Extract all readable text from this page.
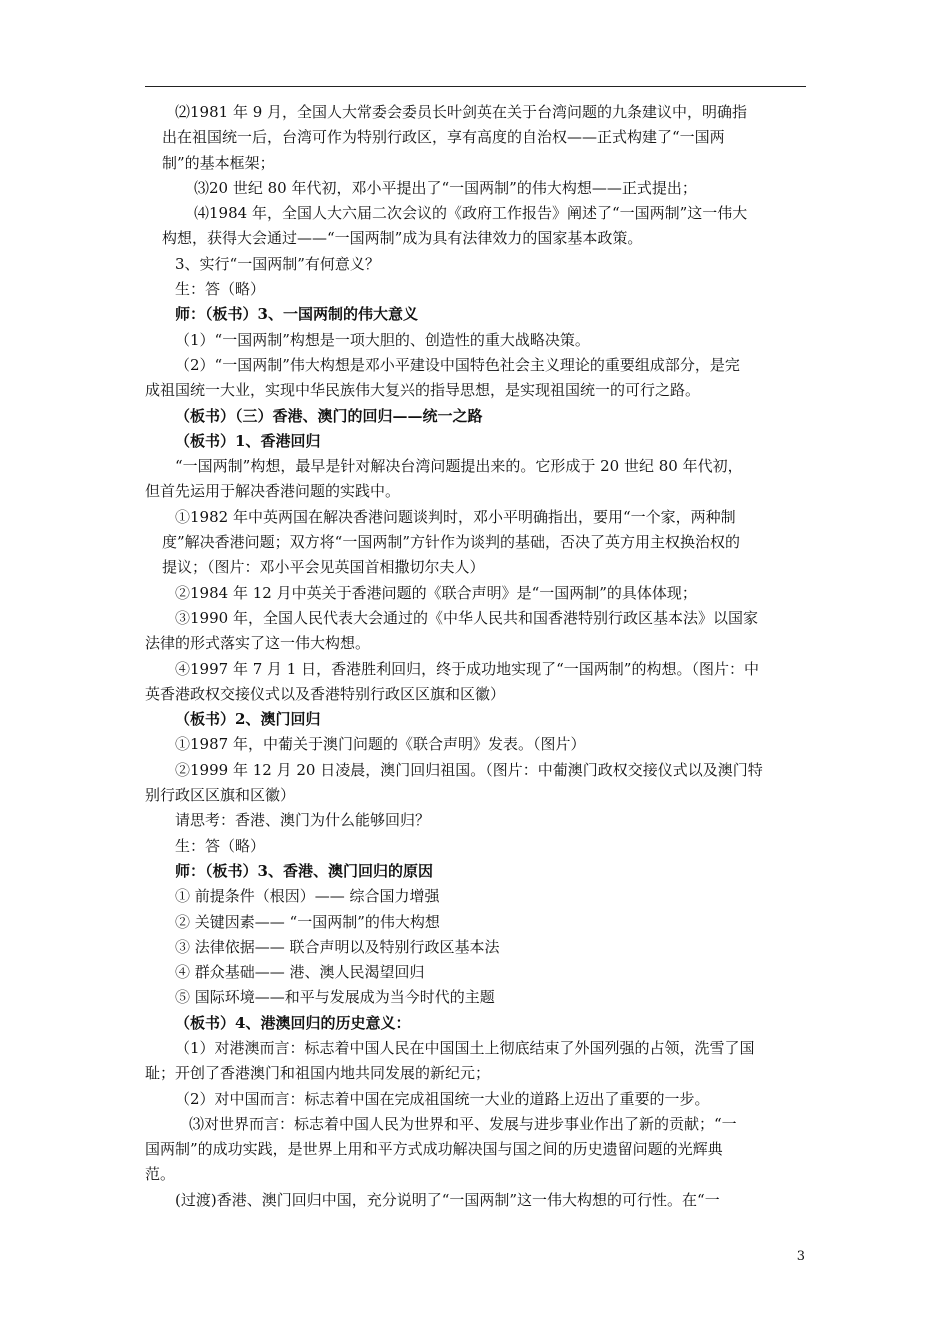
⑵1981 年 9 月，全国人大常委会委员长叶剑英在关于台湾问题的九条建议中，明确指
出在祖国统一后，台湾可作为特别行政区，享有高度的自治权——正式构建了“一国两
制”的基本框架；
⑶20 世纪 80 年代初，邓小平提出了“一国两制”的伟大构想——正式提出；
⑷1984 年，全国人大六届二次会议的《政府工作报告》阐述了“一国两制”这一伟大
构想，获得大会通过——“一国两制”成为具有法律效力的国家基本政策。
3、实行“一国两制”有何意义？
生：答（略）
师：（板书）3、一国两制的伟大意义
（1）“一国两制”构想是一项大胆的、创造性的重大战略决策。
（2）“一国两制”伟大构想是邓小平建设中国特色社会主义理论的重要组成部分，是完
成祖国统一大业，实现中华民族伟大复兴的指导思想，是实现祖国统一的可行之路。
（板书）（三）香港、澳门的回归——统一之路
（板书）1、香港回归
“一国两制”构想，最早是针对解决台湾问题提出来的。它形成于 20 世纪 80 年代初，
但首先运用于解决香港问题的实践中。
①1982 年中英两国在解决香港问题谈判时，邓小平明确指出，要用“一个家，两种制
度”解决香港问题；双方将“一国两制”方针作为谈判的基础，否决了英方用主权换治权的
提议；（图片：邓小平会见英国首相撒切尔夫人）
②1984 年 12 月中英关于香港问题的《联合声明》是“一国两制”的具体体现；
③1990 年，全国人民代表大会通过的《中华人民共和国香港特别行政区基本法》以国家
法律的形式落实了这一伟大构想。
④1997 年 7 月 1 日，香港胜利回归，终于成功地实现了“一国两制”的构想。（图片：中
英香港政权交接仪式以及香港特别行政区区旗和区徽）
（板书）2、澳门回归
①1987 年，中葡关于澳门问题的《联合声明》发表。（图片）
②1999 年 12 月 20 日凌晨，澳门回归祖国。（图片：中葡澳门政权交接仪式以及澳门特
别行政区区旗和区徽）
请思考：香港、澳门为什么能够回归？
生：答（略）
师：（板书）3、香港、澳门回归的原因
① 前提条件（根因）—— 综合国力增强
② 关键因素—— “一国两制”的伟大构想
③ 法律依据—— 联合声明以及特别行政区基本法
④ 群众基础—— 港、澳人民渴望回归
⑤ 国际环境——和平与发展成为当今时代的主题
（板书）4、港澳回归的历史意义：
（1）对港澳而言：标志着中国人民在中国国土上彻底结束了外国列强的占领，洗雪了国
耻；开创了香港澳门和祖国内地共同发展的新纪元；
（2）对中国而言：标志着中国在完成祖国统一大业的道路上迈出了重要的一步。
⑶对世界而言：标志着中国人民为世界和平、发展与进步事业作出了新的贡献；“一
国两制”的成功实践，是世界上用和平方式成功解决国与国之间的历史遗留问题的光辉典
范。
(过渡)香港、澳门回归中国，充分说明了“一国两制”这一伟大构想的可行性。在“一
3
